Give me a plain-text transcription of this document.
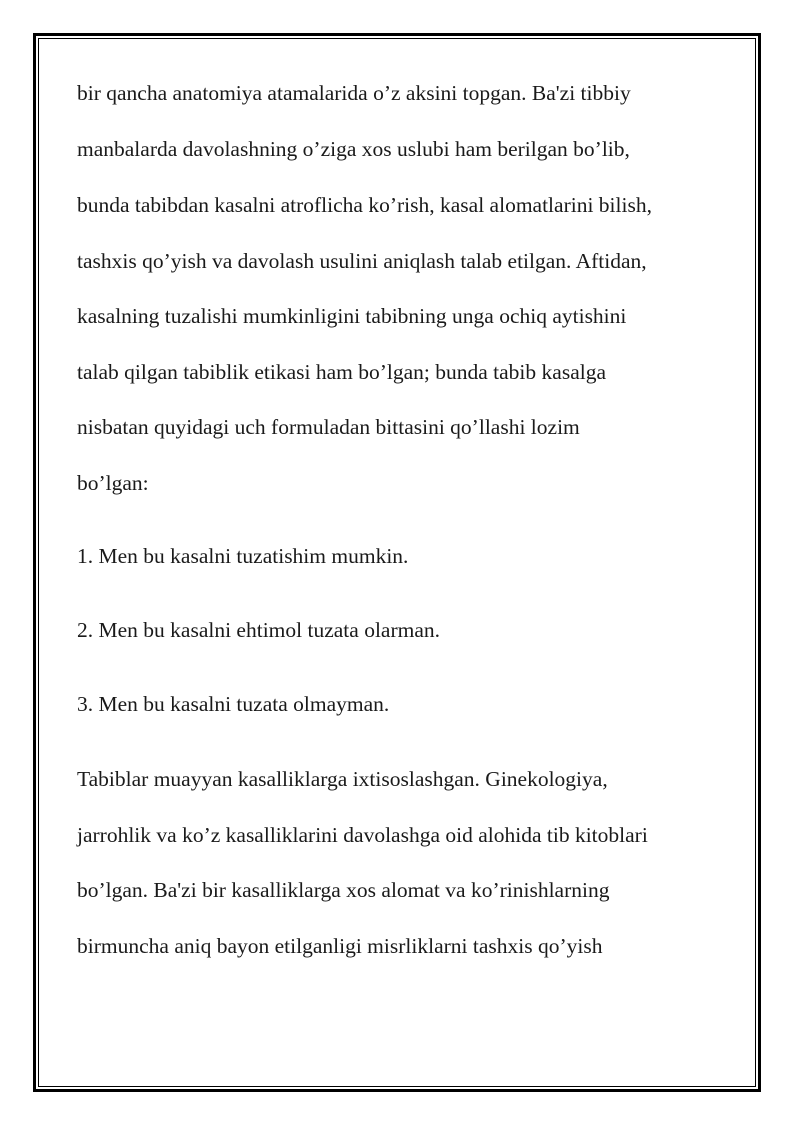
bir qancha anatomiya atamalarida o’z aksini topgan. Ba'zi tibbiy

manbalarda davolashning o’ziga xos uslubi ham berilgan bo’lib,

bunda tabibdan kasalni atroflicha ko’rish, kasal alomatlarini bilish,

tashxis qo’yish va davolash usulini aniqlash talab etilgan. Aftidan,

kasalning tuzalishi mumkinligini tabibning unga ochiq aytishini

talab qilgan tabiblik etikasi ham bo’lgan; bunda tabib kasalga

nisbatan quyidagi uch formuladan bittasini qo’llashi lozim

bo’lgan:

1. Men bu kasalni tuzatishim mumkin.

2. Men bu kasalni ehtimol tuzata olarman.

3. Men bu kasalni tuzata olmayman.

Tabiblar muayyan kasalliklarga ixtisoslashgan. Ginekologiya,

jarrohlik va ko’z kasalliklarini davolashga oid alohida tib kitoblari

bo’lgan. Ba'zi bir kasalliklarga xos alomat va ko’rinishlarning

birmuncha aniq bayon etilganligi misrliklarni tashxis qo’yish
